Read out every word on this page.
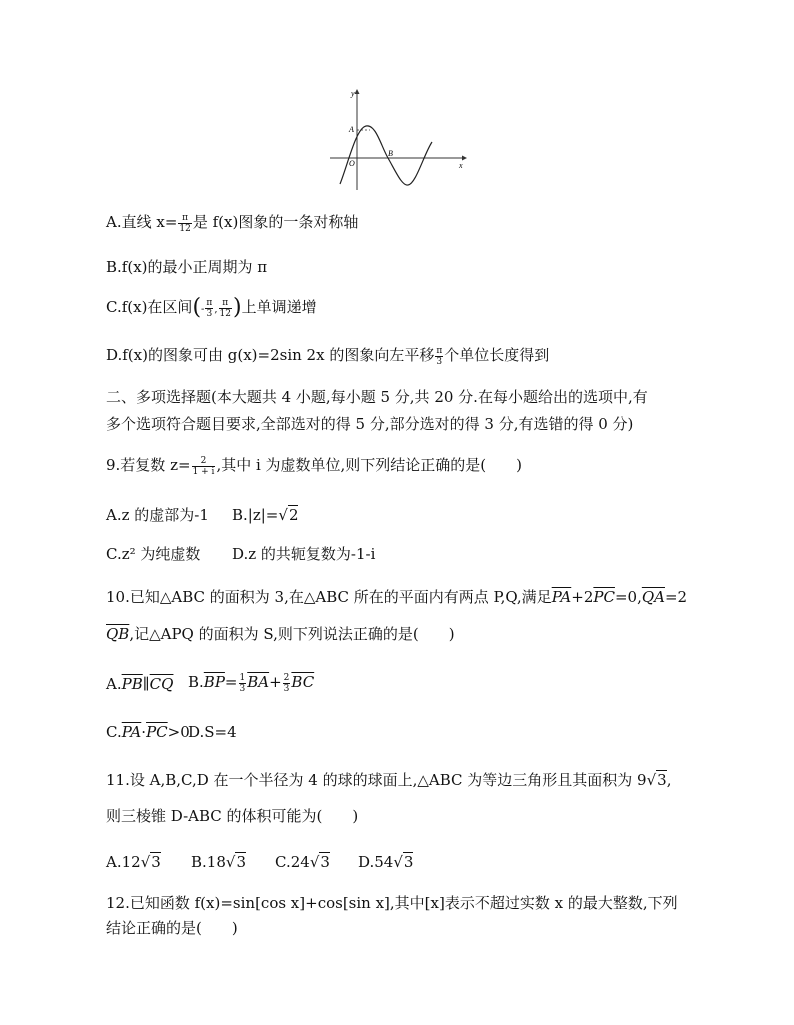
y
x
O
A
B
A.直线 $x= \frac{\pi}{12}$ 是 f(x)图象的一条对称轴
B.f(x)的最小正周期为 π
C.f(x)在区间(- $\frac{\pi}{3}$ , $\frac{\pi}{12}$ )上单调递增
D.f(x)的图象可由 g(x)=2sin 2x 的图象向左平移 $\frac{\pi}{3}$ 个单位长度得到
二、多项选择题(本大题共 4 小题,每小题 5 分,共 20 分.在每小题给出的选项中,有
多个选项符合题目要求,全部选对的得 5 分,部分选对的得 3 分,有选错的得 0 分)
9.若复数 $z= \frac{2}{1 + i}$ ,其中 i 为虚数单位,则下列结论正确的是(　　)
A.z 的虚部为-1 B.|z|=√2
C.z² 为纯虚数 D.z 的共轭复数为-1-i
10.已知△ABC 的面积为 3,在△ABC 所在的平面内有两点 P,Q,满足$\overline{PA}+2\overline{PC}=0,\overline{QA}=2$
$\overline{QB}$,记△APQ 的面积为 S,则下列说法正确的是(　　)
$A.\overline{PB}\parallel\overline{CQ}$ $B.\overline{BP}= \frac{1}{3} \overline{BA}+ \frac{2}{3} \overline{BC}$
$C.\overline{PA}\cdot\overline{PC}>0$
D.S=4
11.设 A,B,C,D 在一个半径为 4 的球的球面上,△ABC 为等边三角形且其面积为 9√3,
则三棱锥 D-ABC 的体积可能为(　　)
A.12√3 B.18√3 C.24√3 D.54√3
12.已知函数 f(x)=sin[cos x]+cos[sin x],其中[x]表示不超过实数 x 的最大整数,下列
结论正确的是(　　)
